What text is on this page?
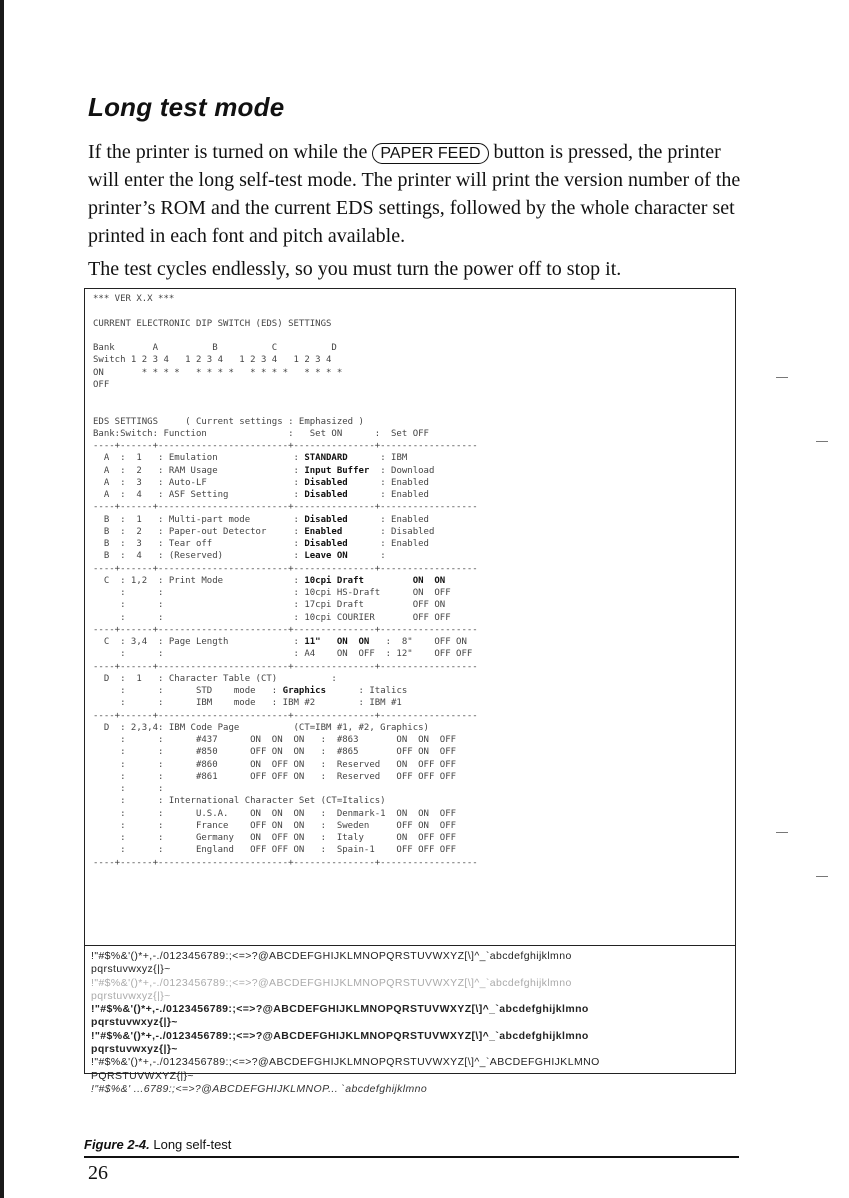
Long test mode

If the printer is turned on while the PAPER FEED button is pressed, the printer will enter the long self-test mode. The printer will print the version number of the printer’s ROM and the current EDS settings, followed by the whole character set printed in each font and pitch available.

The test cycles endlessly, so you must turn the power off to stop it.

*** VER X.X ***

CURRENT ELECTRONIC DIP SWITCH (EDS) SETTINGS

Bank       A          B          C          D
Switch 1 2 3 4   1 2 3 4   1 2 3 4   1 2 3 4
ON       * * * *   * * * *   * * * *   * * * *
OFF

EDS SETTINGS     ( Current settings : Emphasized )
Bank:Switch: Function               :   Set ON      :  Set OFF
----+------+------------------------+---------------+------------------
A  :  1   : Emulation              : STANDARD      : IBM
A  :  2   : RAM Usage              : Input Buffer  : Download
A  :  3   : Auto-LF                : Disabled      : Enabled
A  :  4   : ASF Setting            : Disabled      : Enabled
----+------+------------------------+---------------+------------------
B  :  1   : Multi-part mode        : Disabled      : Enabled
B  :  2   : Paper-out Detector     : Enabled       : Disabled
B  :  3   : Tear off               : Disabled      : Enabled
B  :  4   : (Reserved)             : Leave ON      :
----+------+------------------------+---------------+------------------
C  : 1,2  : Print Mode             : 10cpi Draft         ON  ON
:      :                        : 10cpi HS-Draft      ON  OFF
:      :                        : 17cpi Draft         OFF ON
:      :                        : 10cpi COURIER       OFF OFF
----+------+------------------------+---------------+------------------
C  : 3,4  : Page Length            : 11"   ON  ON   :  8"    OFF ON
:      :                        : A4    ON  OFF  : 12"    OFF OFF
----+------+------------------------+---------------+------------------
D  :  1   : Character Table (CT)          :
:      :      STD    mode   : Graphics      : Italics
:      :      IBM    mode   : IBM #2        : IBM #1
----+------+------------------------+---------------+------------------
D  : 2,3,4: IBM Code Page          (CT=IBM #1, #2, Graphics)
:      :      #437      ON  ON  ON   :  #863       ON  ON  OFF
:      :      #850      OFF ON  ON   :  #865       OFF ON  OFF
:      :      #860      ON  OFF ON   :  Reserved   ON  OFF OFF
:      :      #861      OFF OFF ON   :  Reserved   OFF OFF OFF
:      :
:      : International Character Set (CT=Italics)
:      :      U.S.A.    ON  ON  ON   :  Denmark-1  ON  ON  OFF
:      :      France    OFF ON  ON   :  Sweden     OFF ON  OFF
:      :      Germany   ON  OFF ON   :  Italy      ON  OFF OFF
:      :      England   OFF OFF ON   :  Spain-1    OFF OFF OFF
----+------+------------------------+---------------+------------------
!"#$%&'()*+,-./0123456789:;<=>?@ABCDEFGHIJKLMNOPQRSTUVWXYZ[\]^_`abcdefghijklmno
pqrstuvwxyz{|}~
!"#$%&'()*+,-./0123456789:;<=>?@ABCDEFGHIJKLMNOPQRSTUVWXYZ[\]^_`abcdefghijklmno
pqrstuvwxyz{|}~
!"#$%&'()*+,-./0123456789:;<=>?@ABCDEFGHIJKLMNOPQRSTUVWXYZ[\]^_`abcdefghijklmno
pqrstuvwxyz{|}~
!"#$%&'()*+,-./0123456789:;<=>?@ABCDEFGHIJKLMNOPQRSTUVWXYZ[\]^_`abcdefghijklmno
pqrstuvwxyz{|}~
!"#$%&'()*+,-./0123456789:;<=>?@ABCDEFGHIJKLMNOPQRSTUVWXYZ[\]^_`ABCDEFGHIJKLMNO
PQRSTUVWXYZ{|}~
!"#$%&' ...6789:;<=>?@ABCDEFGHIJKLMNOP... `abcdefghijklmno
Figure 2-4. Long self-test
26
